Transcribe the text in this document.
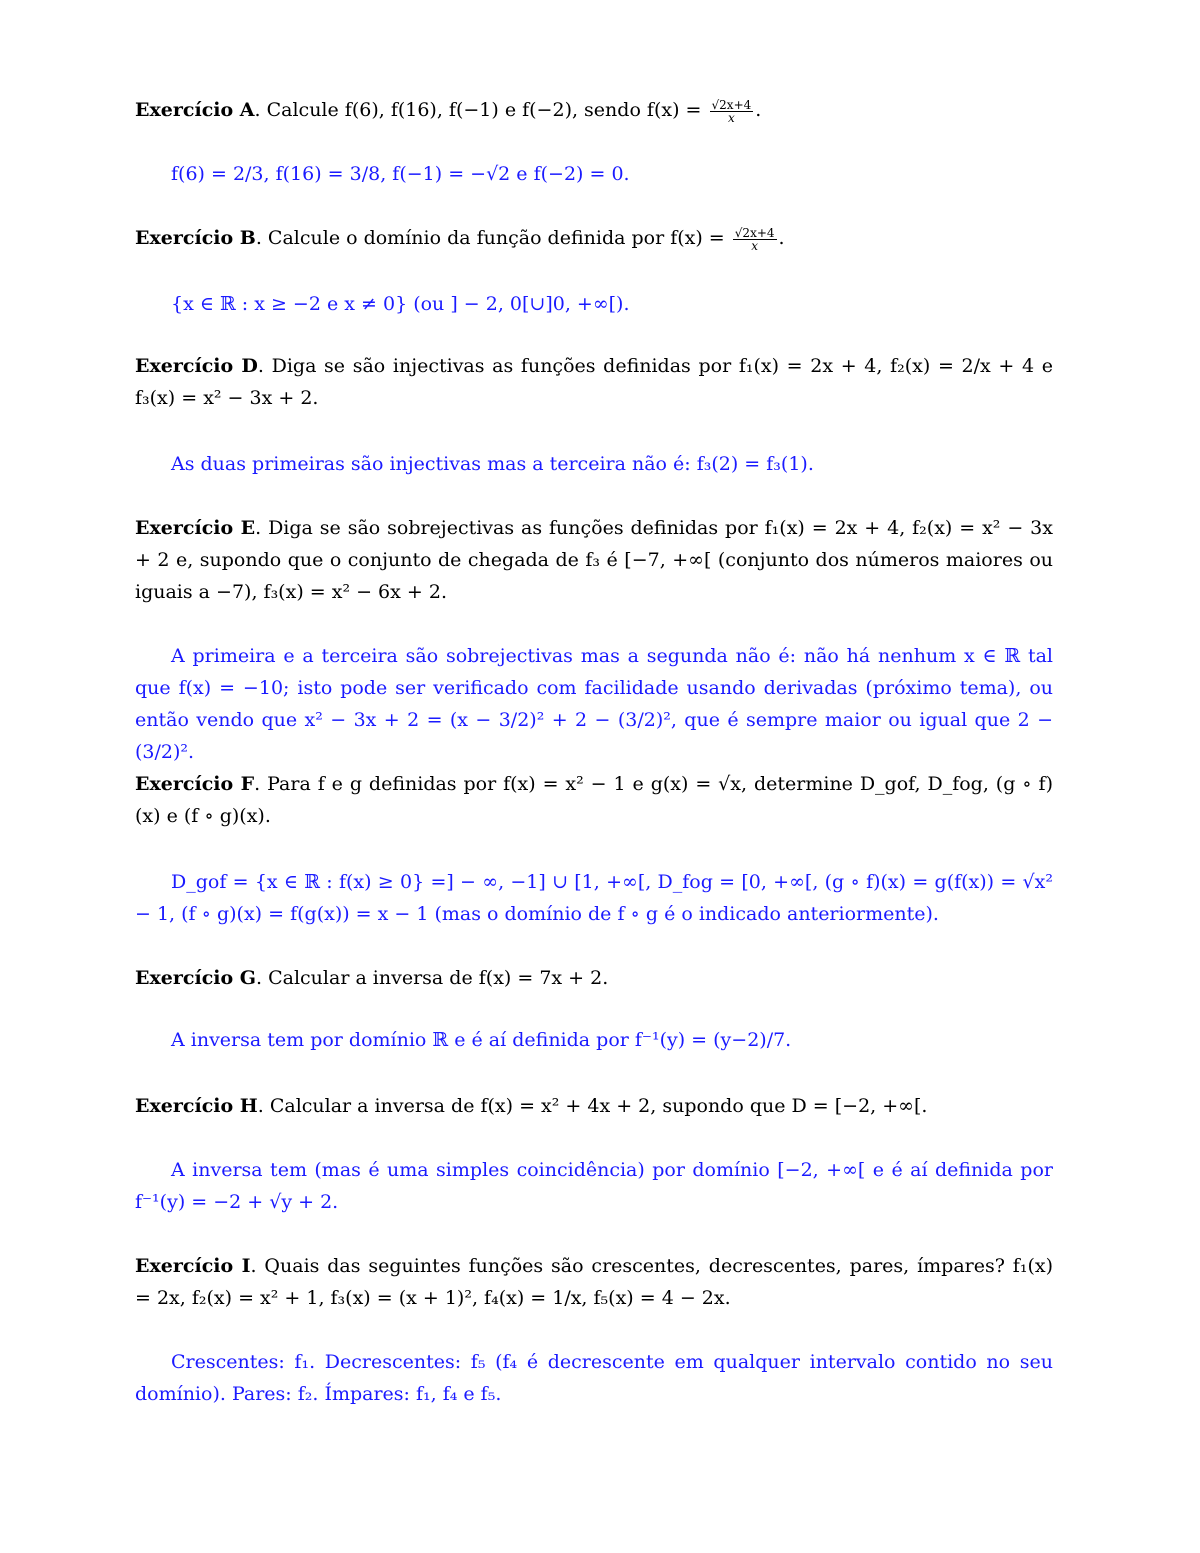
Exercício A. Calcule f(6), f(16), f(−1) e f(−2), sendo $f(x) = \frac{√2x+4}{x}$ .

f(6) = 2/3, f(16) = 3/8, f(−1) = −√2 e f(−2) = 0.

Exercício B. Calcule o domínio da função definida por $f(x) = \frac{√2x+4}{x}$ .

{x ∈ ℝ : x ≥ −2 e x ≠ 0} (ou ] − 2, 0[∪]0, +∞[).

Exercício D. Diga se são injectivas as funções definidas por f₁(x) = 2x + 4, f₂(x) = 2/x + 4 e f₃(x) = x² − 3x + 2.

As duas primeiras são injectivas mas a terceira não é: f₃(2) = f₃(1).

Exercício E. Diga se são sobrejectivas as funções definidas por f₁(x) = 2x + 4, f₂(x) = x² − 3x + 2 e, supondo que o conjunto de chegada de f₃ é [−7, +∞[ (conjunto dos números maiores ou iguais a −7), f₃(x) = x² − 6x + 2.

A primeira e a terceira são sobrejectivas mas a segunda não é: não há nenhum x ∈ ℝ tal que f(x) = −10; isto pode ser verificado com facilidade usando derivadas (próximo tema), ou então vendo que x² − 3x + 2 = (x − 3/2)² + 2 − (3/2)², que é sempre maior ou igual que 2 − (3/2)².

Exercício F. Para f e g definidas por f(x) = x² − 1 e g(x) = √x, determine D_gof, D_fog, (g ∘ f)(x) e (f ∘ g)(x).

D_gof = {x ∈ ℝ : f(x) ≥ 0} =] − ∞, −1] ∪ [1, +∞[, D_fog = [0, +∞[, (g ∘ f)(x) = g(f(x)) = √x² − 1, (f ∘ g)(x) = f(g(x)) = x − 1 (mas o domínio de f ∘ g é o indicado anteriormente).

Exercício G. Calcular a inversa de f(x) = 7x + 2.

A inversa tem por domínio ℝ e é aí definida por f⁻¹(y) = (y−2)/7.

Exercício H. Calcular a inversa de f(x) = x² + 4x + 2, supondo que D = [−2, +∞[.

A inversa tem (mas é uma simples coincidência) por domínio [−2, +∞[ e é aí definida por f⁻¹(y) = −2 + √y + 2.

Exercício I. Quais das seguintes funções são crescentes, decrescentes, pares, ímpares? f₁(x) = 2x, f₂(x) = x² + 1, f₃(x) = (x + 1)², f₄(x) = 1/x, f₅(x) = 4 − 2x.

Crescentes: f₁. Decrescentes: f₅ (f₄ é decrescente em qualquer intervalo contido no seu domínio). Pares: f₂. Ímpares: f₁, f₄ e f₅.
